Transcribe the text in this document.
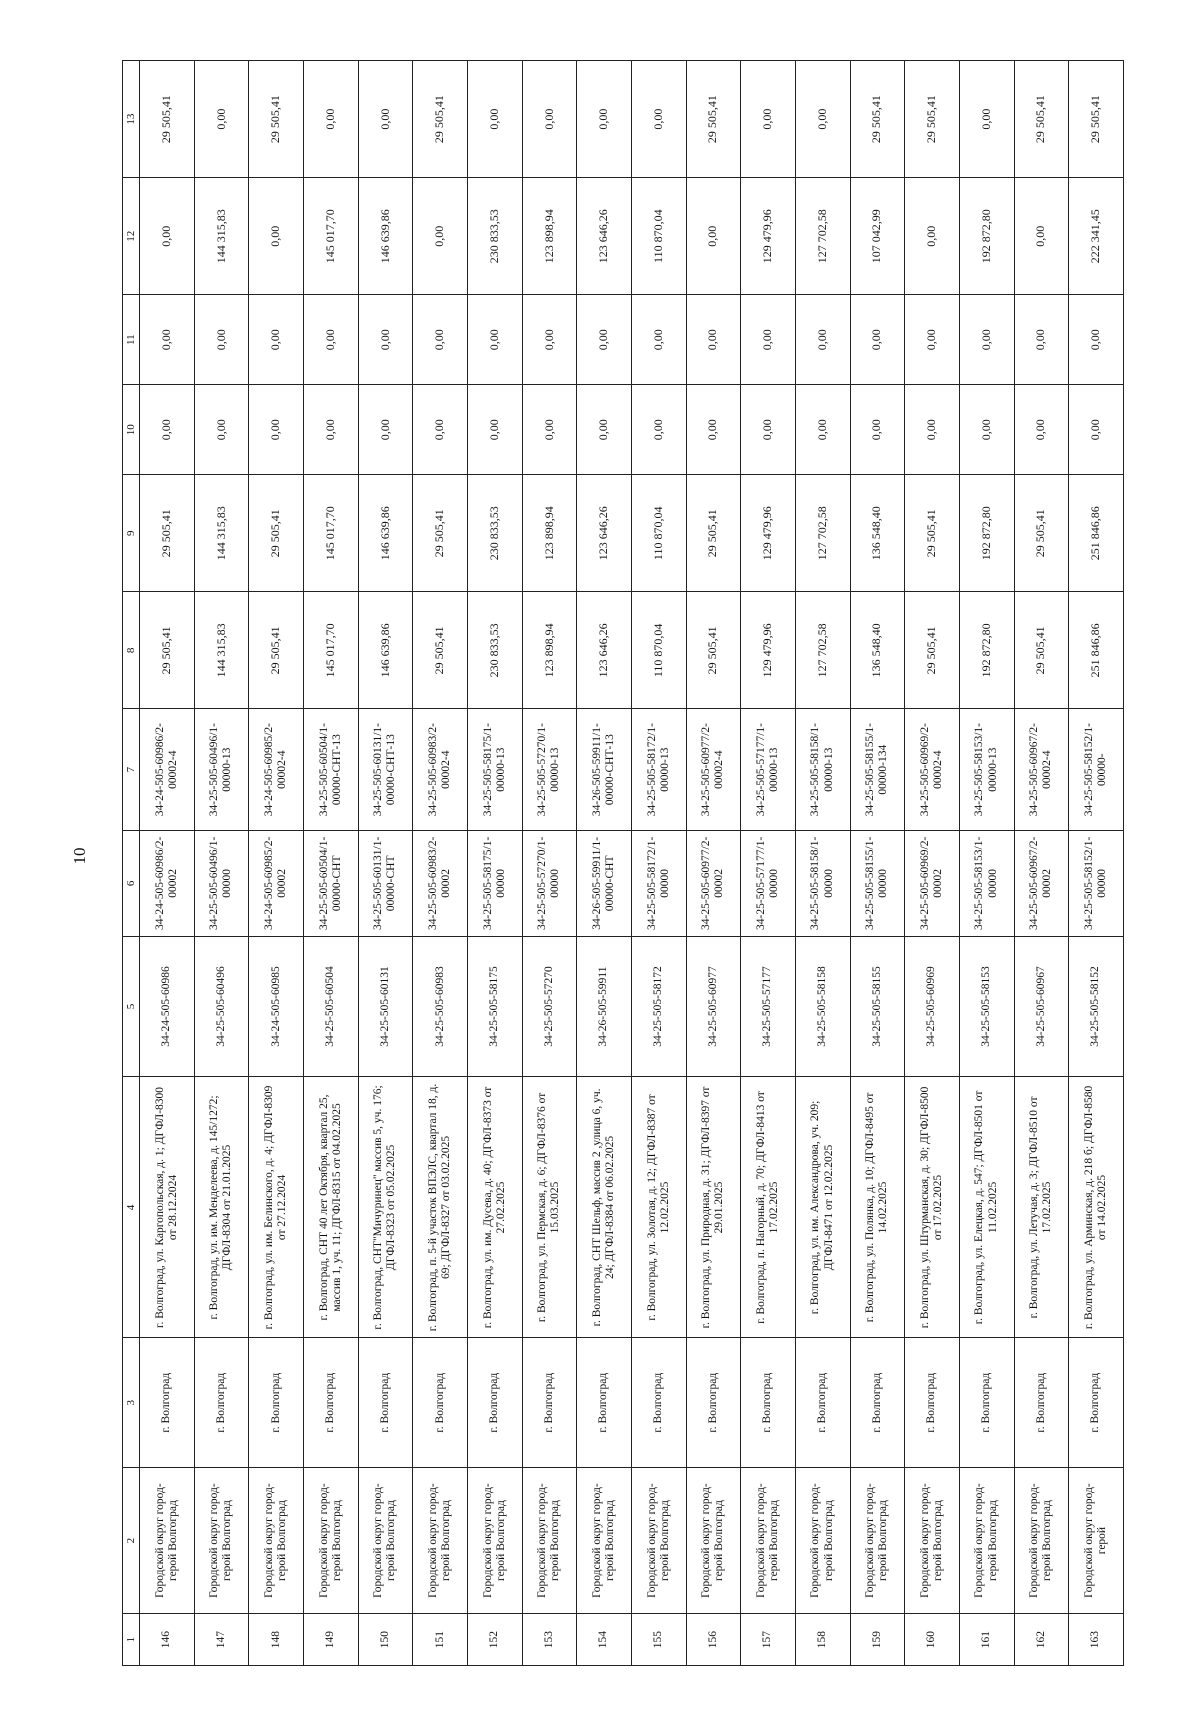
10
1	2	3	4	5	6	7	8	9	10	11	12	13
146	Городской округ город-герой Волгоград	г. Волгоград	г. Волгоград, ул. Каргопольская, д. 1; ДГФЛ-8300 от 28.12.2024	34-24-505-60986	34-24-505-60986/2-00002	34-24-505-60986/2-00002-4	29 505,41	29 505,41	0,00	0,00	0,00	29 505,41
147	Городской округ город-герой Волгоград	г. Волгоград	г. Волгоград, ул. им. Менделеева, д. 145/1272; ДГФЛ-8304 от 21.01.2025	34-25-505-60496	34-25-505-60496/1-00000	34-25-505-60496/1-00000-13	144 315,83	144 315,83	0,00	0,00	144 315,83	0,00
148	Городской округ город-герой Волгоград	г. Волгоград	г. Волгоград, ул. им. Белинского, д. 4; ДГФЛ-8309 от 27.12.2024	34-24-505-60985	34-24-505-60985/2-00002	34-24-505-60985/2-00002-4	29 505,41	29 505,41	0,00	0,00	0,00	29 505,41
149	Городской округ город-герой Волгоград	г. Волгоград	г. Волгоград, СНТ 40 лет Октября, квартал 25, массив 1, уч. 11; ДГФЛ-8315 от 04.02.2025	34-25-505-60504	34-25-505-60504/1-00000-СНТ	34-25-505-60504/1-00000-СНТ-13	145 017,70	145 017,70	0,00	0,00	145 017,70	0,00
150	Городской округ город-герой Волгоград	г. Волгоград	г. Волгоград, СНТ"Мичуринец" массив 5, уч. 176; ДГФЛ-8323 от 05.02.2025	34-25-505-60131	34-25-505-60131/1-00000-СНТ	34-25-505-60131/1-00000-СНТ-13	146 639,86	146 639,86	0,00	0,00	146 639,86	0,00
151	Городской округ город-герой Волгоград	г. Волгоград	г. Волгоград, п. 5-й участок ВПЭЛС, квартал 18, д. 69; ДГФЛ-8327 от 03.02.2025	34-25-505-60983	34-25-505-60983/2-00002	34-25-505-60983/2-00002-4	29 505,41	29 505,41	0,00	0,00	0,00	29 505,41
152	Городской округ город-герой Волгоград	г. Волгоград	г. Волгоград, ул. им. Дусева, д. 40; ДГФЛ-8373 от 27.02.2025	34-25-505-58175	34-25-505-58175/1-00000	34-25-505-58175/1-00000-13	230 833,53	230 833,53	0,00	0,00	230 833,53	0,00
153	Городской округ город-герой Волгоград	г. Волгоград	г. Волгоград, ул. Пермская, д. 6; ДГФЛ-8376 от 15.03.2025	34-25-505-57270	34-25-505-57270/1-00000	34-25-505-57270/1-00000-13	123 898,94	123 898,94	0,00	0,00	123 898,94	0,00
154	Городской округ город-герой Волгоград	г. Волгоград	г. Волгоград, СНТ Шельф, массив 2 ,улица 6, уч. 24; ДГФЛ-8384 от 06.02.2025	34-26-505-59911	34-26-505-59911/1-00000-СНТ	34-26-505-59911/1-00000-СНТ-13	123 646,26	123 646,26	0,00	0,00	123 646,26	0,00
155	Городской округ город-герой Волгоград	г. Волгоград	г. Волгоград, ул. Золотая, д. 12; ДГФЛ-8387 от 12.02.2025	34-25-505-58172	34-25-505-58172/1-00000	34-25-505-58172/1-00000-13	110 870,04	110 870,04	0,00	0,00	110 870,04	0,00
156	Городской округ город-герой Волгоград	г. Волгоград	г. Волгоград, ул. Природная, д. 31; ДГФЛ-8397 от 29.01.2025	34-25-505-60977	34-25-505-60977/2-00002	34-25-505-60977/2-00002-4	29 505,41	29 505,41	0,00	0,00	0,00	29 505,41
157	Городской округ город-герой Волгоград	г. Волгоград	г. Волгоград, п. Нагорный, д. 70; ДГФЛ-8413 от 17.02.2025	34-25-505-57177	34-25-505-57177/1-00000	34-25-505-57177/1-00000-13	129 479,96	129 479,96	0,00	0,00	129 479,96	0,00
158	Городской округ город-герой Волгоград	г. Волгоград	г. Волгоград, ул. им. Александрова, уч. 209; ДГФЛ-8471 от 12.02.2025	34-25-505-58158	34-25-505-58158/1-00000	34-25-505-58158/1-00000-13	127 702,58	127 702,58	0,00	0,00	127 702,58	0,00
159	Городской округ город-герой Волгоград	г. Волгоград	г. Волгоград, ул. Полянка, д. 10; ДГФЛ-8495 от 14.02.2025	34-25-505-58155	34-25-505-58155/1-00000	34-25-505-58155/1-00000-134	136 548,40	136 548,40	0,00	0,00	107 042,99	29 505,41
160	Городской округ город-герой Волгоград	г. Волгоград	г. Волгоград, ул. Штурманская, д. 30; ДГФЛ-8500 от 17.02.2025	34-25-505-60969	34-25-505-60969/2-00002	34-25-505-60969/2-00002-4	29 505,41	29 505,41	0,00	0,00	0,00	29 505,41
161	Городской округ город-герой Волгоград	г. Волгоград	г. Волгоград, ул. Елецкая, д. 547; ДГФЛ-8501 от 11.02.2025	34-25-505-58153	34-25-505-58153/1-00000	34-25-505-58153/1-00000-13	192 872,80	192 872,80	0,00	0,00	192 872,80	0,00
162	Городской округ город-герой Волгоград	г. Волгоград	г. Волгоград, ул. Летучая, д. 3; ДГФЛ-8510 от 17.02.2025	34-25-505-60967	34-25-505-60967/2-00002	34-25-505-60967/2-00002-4	29 505,41	29 505,41	0,00	0,00	0,00	29 505,41
163	Городской округ город-герой	г. Волгоград	г. Волгоград, ул. Арминская, д. 218 б; ДГФЛ-8580 от 14.02.2025	34-25-505-58152	34-25-505-58152/1-00000	34-25-505-58152/1-00000-	251 846,86	251 846,86	0,00	0,00	222 341,45	29 505,41
